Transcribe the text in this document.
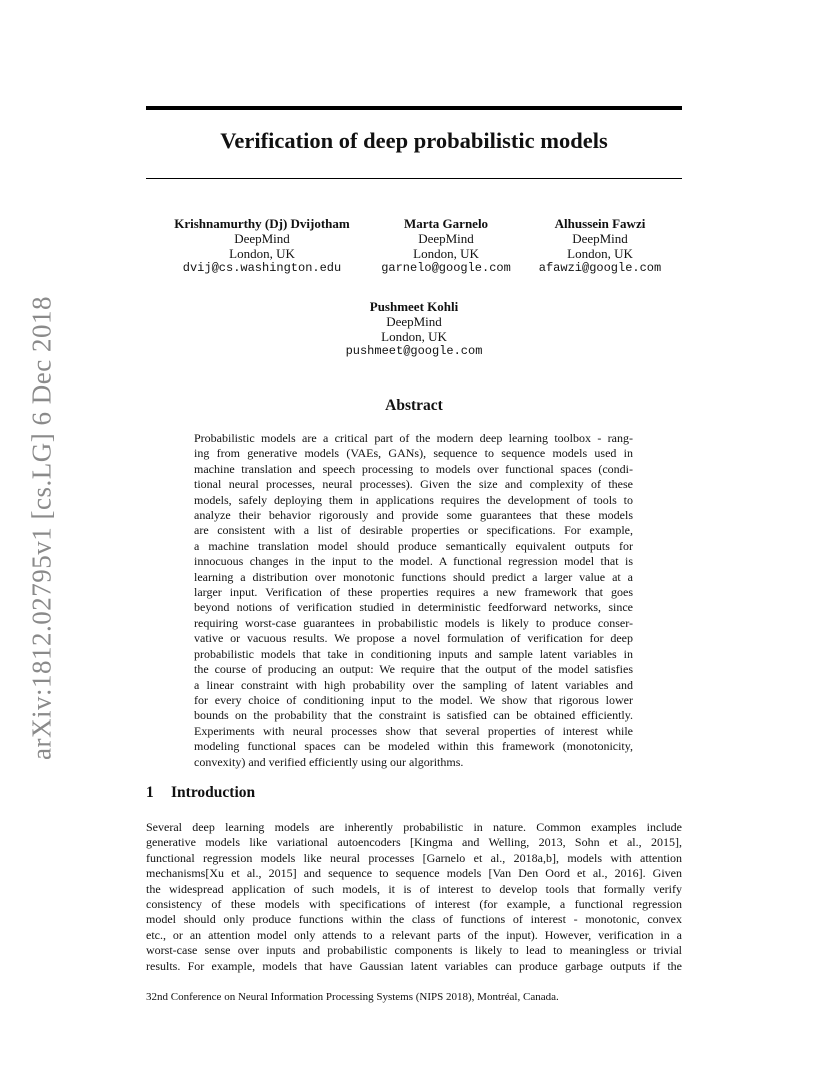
arXiv:1812.02795v1 [cs.LG] 6 Dec 2018
Verification of deep probabilistic models
Krishnamurthy (Dj) Dvijotham
DeepMind
London, UK
dvij@cs.washington.edu
Marta Garnelo
DeepMind
London, UK
garnelo@google.com
Alhussein Fawzi
DeepMind
London, UK
afawzi@google.com
Pushmeet Kohli
DeepMind
London, UK
pushmeet@google.com
Abstract
Probabilistic models are a critical part of the modern deep learning toolbox - rang-
ing from generative models (VAEs, GANs), sequence to sequence models used in
machine translation and speech processing to models over functional spaces (condi-
tional neural processes, neural processes). Given the size and complexity of these
models, safely deploying them in applications requires the development of tools to
analyze their behavior rigorously and provide some guarantees that these models
are consistent with a list of desirable properties or specifications. For example,
a machine translation model should produce semantically equivalent outputs for
innocuous changes in the input to the model. A functional regression model that is
learning a distribution over monotonic functions should predict a larger value at a
larger input. Verification of these properties requires a new framework that goes
beyond notions of verification studied in deterministic feedforward networks, since
requiring worst-case guarantees in probabilistic models is likely to produce conser-
vative or vacuous results. We propose a novel formulation of verification for deep
probabilistic models that take in conditioning inputs and sample latent variables in
the course of producing an output: We require that the output of the model satisfies
a linear constraint with high probability over the sampling of latent variables and
for every choice of conditioning input to the model. We show that rigorous lower
bounds on the probability that the constraint is satisfied can be obtained efficiently.
Experiments with neural processes show that several properties of interest while
modeling functional spaces can be modeled within this framework (monotonicity,
convexity) and verified efficiently using our algorithms.
1 Introduction
Several deep learning models are inherently probabilistic in nature. Common examples include
generative models like variational autoencoders [Kingma and Welling, 2013, Sohn et al., 2015],
functional regression models like neural processes [Garnelo et al., 2018a,b], models with attention
mechanisms[Xu et al., 2015] and sequence to sequence models [Van Den Oord et al., 2016]. Given
the widespread application of such models, it is of interest to develop tools that formally verify
consistency of these models with specifications of interest (for example, a functional regression
model should only produce functions within the class of functions of interest - monotonic, convex
etc., or an attention model only attends to a relevant parts of the input). However, verification in a
worst-case sense over inputs and probabilistic components is likely to lead to meaningless or trivial
results. For example, models that have Gaussian latent variables can produce garbage outputs if the
32nd Conference on Neural Information Processing Systems (NIPS 2018), Montréal, Canada.
